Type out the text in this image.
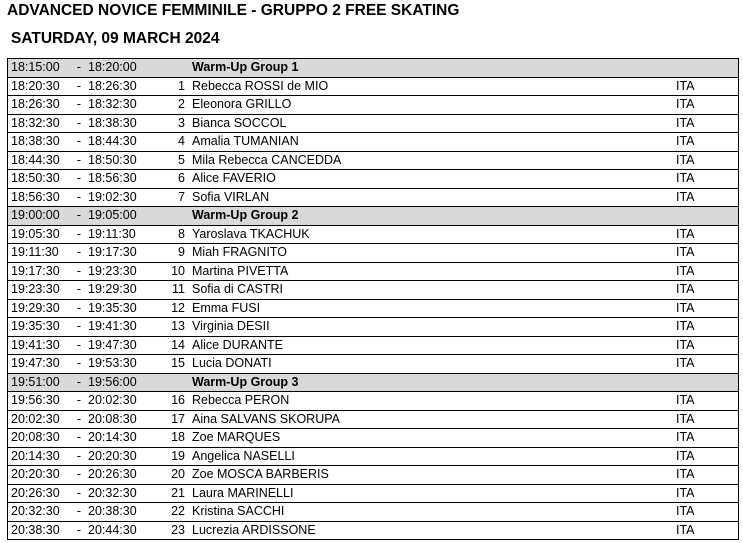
ADVANCED NOVICE FEMMINILE - GRUPPO 2 FREE SKATING
SATURDAY, 09 MARCH 2024
18:15:00	-	18:20:00		Warm-Up Group 1	
18:20:30	-	18:26:30	1	Rebecca ROSSI de MIO	ITA
18:26:30	-	18:32:30	2	Eleonora GRILLO	ITA
18:32:30	-	18:38:30	3	Bianca SOCCOL	ITA
18:38:30	-	18:44:30	4	Amalia TUMANIAN	ITA
18:44:30	-	18:50:30	5	Mila Rebecca CANCEDDA	ITA
18:50:30	-	18:56:30	6	Alice FAVERIO	ITA
18:56:30	-	19:02:30	7	Sofia VIRLAN	ITA
19:00:00	-	19:05:00		Warm-Up Group 2	
19:05:30	-	19:11:30	8	Yaroslava TKACHUK	ITA
19:11:30	-	19:17:30	9	Miah FRAGNITO	ITA
19:17:30	-	19:23:30	10	Martina PIVETTA	ITA
19:23:30	-	19:29:30	11	Sofia di CASTRI	ITA
19:29:30	-	19:35:30	12	Emma FUSI	ITA
19:35:30	-	19:41:30	13	Virginia DESII	ITA
19:41:30	-	19:47:30	14	Alice DURANTE	ITA
19:47:30	-	19:53:30	15	Lucia DONATI	ITA
19:51:00	-	19:56:00		Warm-Up Group 3	
19:56:30	-	20:02:30	16	Rebecca PERON	ITA
20:02:30	-	20:08:30	17	Aina SALVANS SKORUPA	ITA
20:08:30	-	20:14:30	18	Zoe MARQUES	ITA
20:14:30	-	20:20:30	19	Angelica NASELLI	ITA
20:20:30	-	20:26:30	20	Zoe MOSCA BARBERIS	ITA
20:26:30	-	20:32:30	21	Laura MARINELLI	ITA
20:32:30	-	20:38:30	22	Kristina SACCHI	ITA
20:38:30	-	20:44:30	23	Lucrezia ARDISSONE	ITA
